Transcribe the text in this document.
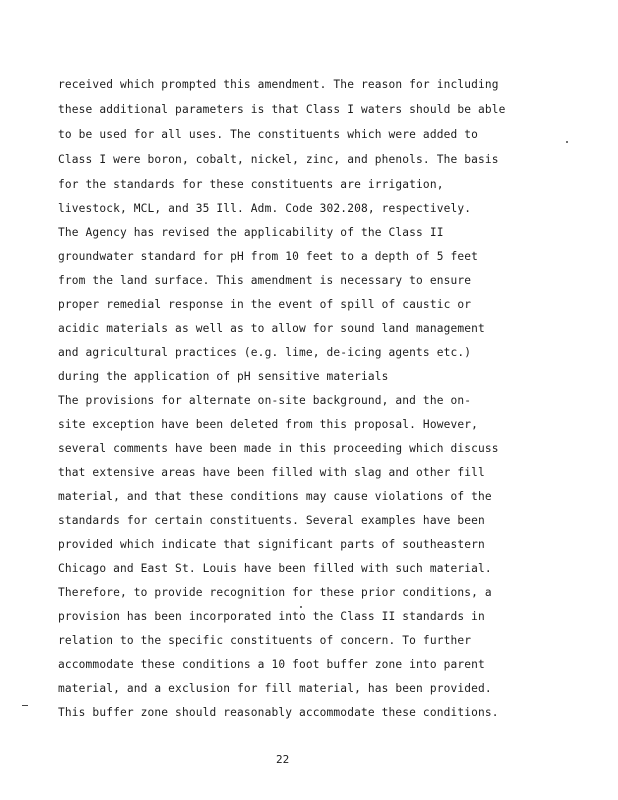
received which prompted this amendment. The reason for including
these additional parameters is that Class I waters should be able
to be used for all uses. The constituents which were added to
Class I were boron, cobalt, nickel, zinc, and phenols. The basis
for the standards for these constituents are irrigation,
livestock, MCL, and 35 Ill. Adm. Code 302.208, respectively.
The Agency has revised the applicability of the Class II
groundwater standard for pH from 10 feet to a depth of 5 feet
from the land surface. This amendment is necessary to ensure
proper remedial response in the event of spill of caustic or
acidic materials as well as to allow for sound land management
and agricultural practices (e.g. lime, de-icing agents etc.)
during the application of pH sensitive materials
The provisions for alternate on-site background, and the on-
site exception have been deleted from this proposal. However,
several comments have been made in this proceeding which discuss
that extensive areas have been filled with slag and other fill
material, and that these conditions may cause violations of the
standards for certain constituents. Several examples have been
provided which indicate that significant parts of southeastern
Chicago and East St. Louis have been filled with such material.
Therefore, to provide recognition for these prior conditions, a
provision has been incorporated into the Class II standards in
relation to the specific constituents of concern. To further
accommodate these conditions a 10 foot buffer zone into parent
material, and a exclusion for fill material, has been provided.
This buffer zone should reasonably accommodate these conditions.
22
